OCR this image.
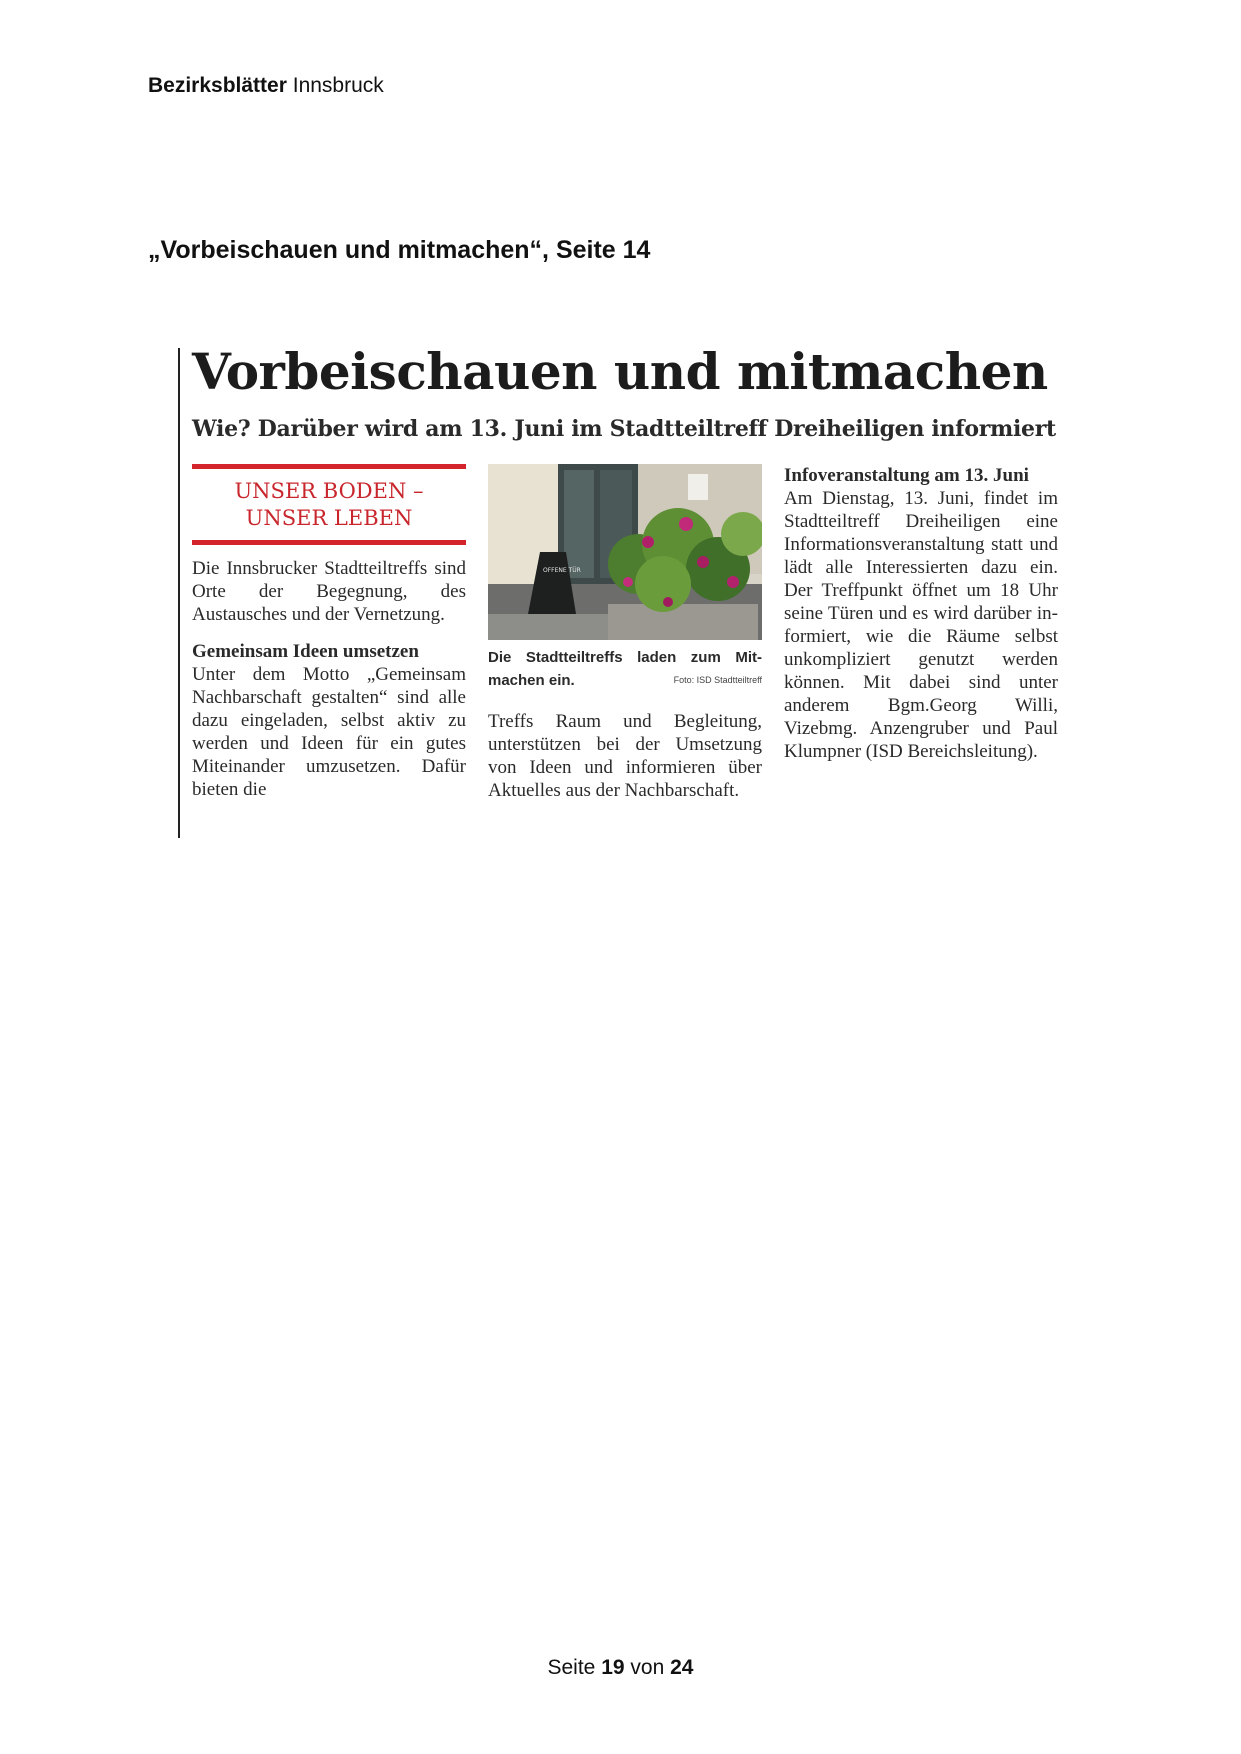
Bezirksblätter Innsbruck
„Vorbeischauen und mitmachen“, Seite 14
Vorbeischauen und mitmachen
Wie? Darüber wird am 13. Juni im Stadtteiltreff Dreiheiligen informiert
UNSER BODEN –
UNSER LEBEN

Die Innsbrucker Stadtteiltreffs sind Orte der Begegnung, des Austausches und der Vernetzung.

Gemeinsam Ideen umsetzen

Unter dem Motto „Gemeinsam Nachbarschaft gestalten“ sind alle dazu eingeladen, selbst aktiv zu werden und Ideen für ein gutes Miteinander umzusetzen. Dafür bieten die

OFFENE TÜR
Die Stadtteiltreffs laden zum Mitmachen ein.	Foto: ISD Stadtteiltreff

Treffs Raum und Begleitung, unterstützen bei der Umsetzung von Ideen und informieren über Aktuelles aus der Nachbarschaft.

Infoveranstaltung am 13. Juni

Am Dienstag, 13. Juni, findet im Stadtteiltreff Dreiheiligen eine Informationsveranstaltung statt und lädt alle Interessierten dazu ein. Der Treffpunkt öffnet um 18 Uhr seine Türen und es wird darüber informiert, wie die Räume selbst unkompliziert genutzt werden können. Mit dabei sind unter anderem Bgm.Georg Willi, Vizebmg. Anzengruber und Paul Klumpner (ISD Bereichsleitung).

Seite 19 von 24
